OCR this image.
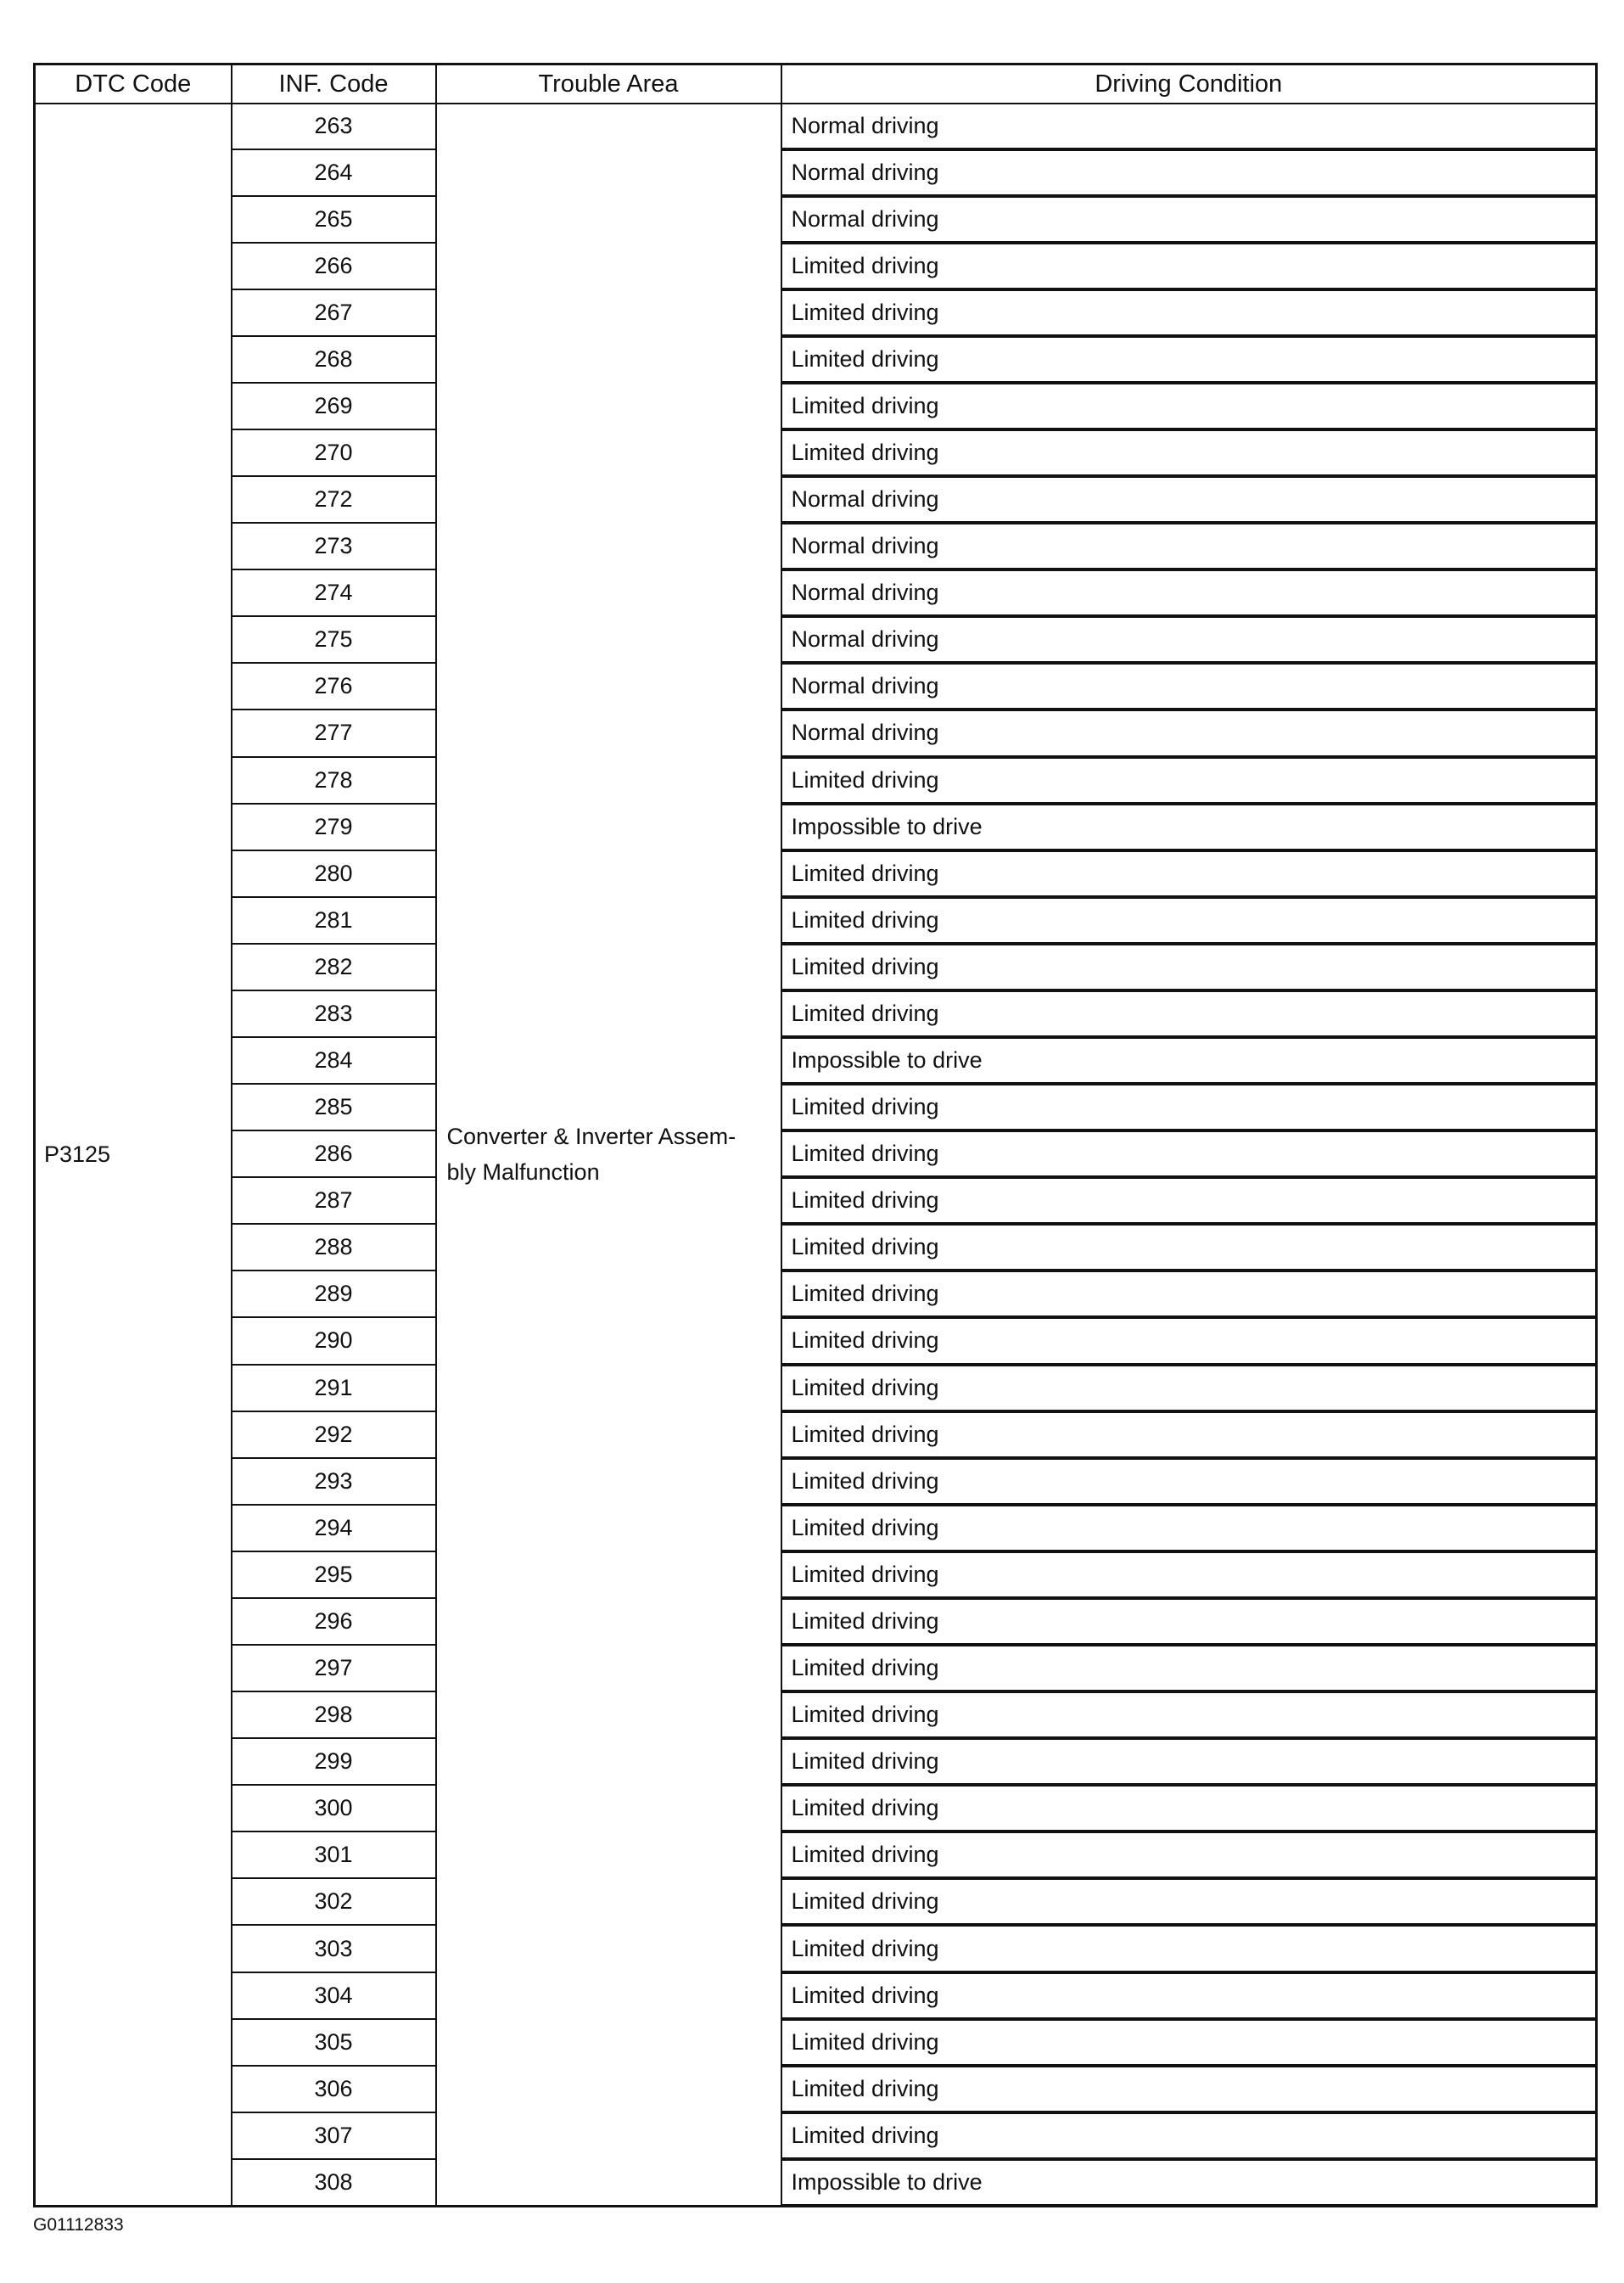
DTC Code	INF. Code	Trouble Area	Driving Condition
P3125	263	Converter & Inverter Assem- bly Malfunction	Normal driving
	264		Normal driving
	265		Normal driving
	266		Limited driving
	267		Limited driving
	268		Limited driving
	269		Limited driving
	270		Limited driving
	272		Normal driving
	273		Normal driving
	274		Normal driving
	275		Normal driving
	276		Normal driving
	277		Normal driving
	278		Limited driving
	279		Impossible to drive
	280		Limited driving
	281		Limited driving
	282		Limited driving
	283		Limited driving
	284		Impossible to drive
	285		Limited driving
	286		Limited driving
	287		Limited driving
	288		Limited driving
	289		Limited driving
	290		Limited driving
	291		Limited driving
	292		Limited driving
	293		Limited driving
	294		Limited driving
	295		Limited driving
	296		Limited driving
	297		Limited driving
	298		Limited driving
	299		Limited driving
	300		Limited driving
	301		Limited driving
	302		Limited driving
	303		Limited driving
	304		Limited driving
	305		Limited driving
	306		Limited driving
	307		Limited driving
	308		Impossible to drive
G01112833
